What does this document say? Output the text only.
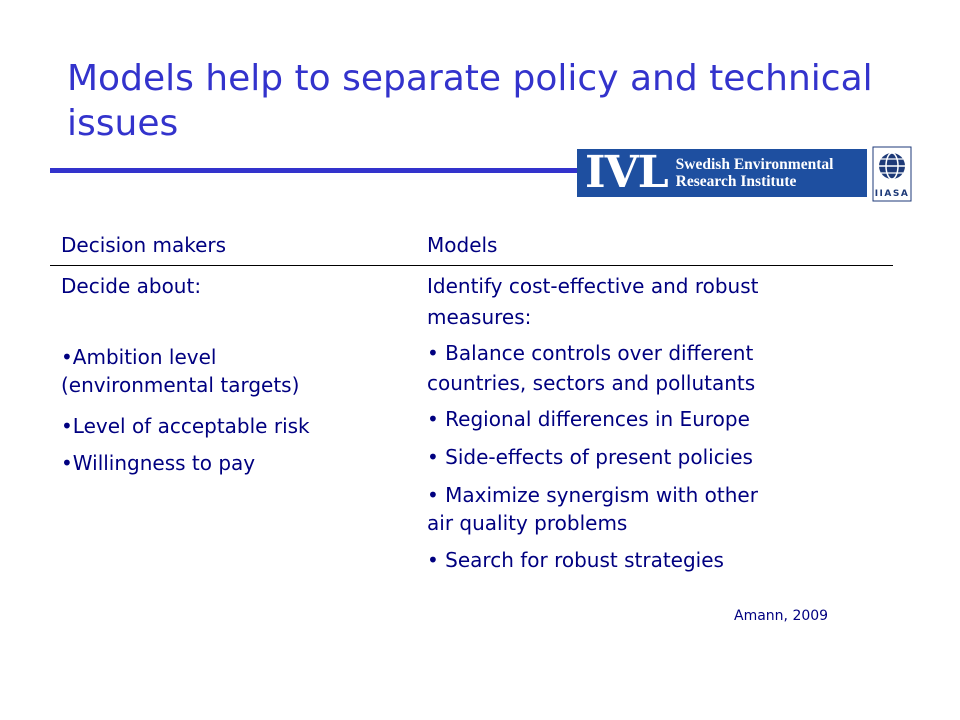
Models help to separate policy and technical issues
IVL Swedish Environmental
Research Institute
IIASA
Decision makers	Models
Decide about:
•Ambition level
(environmental targets)
•Level of acceptable risk
•Willingness to pay
Identify cost-effective and robust
measures:
• Balance controls over different
countries, sectors and pollutants
• Regional differences in Europe
• Side-effects of present policies
• Maximize synergism with other
air quality problems
• Search for robust strategies
Amann, 2009
